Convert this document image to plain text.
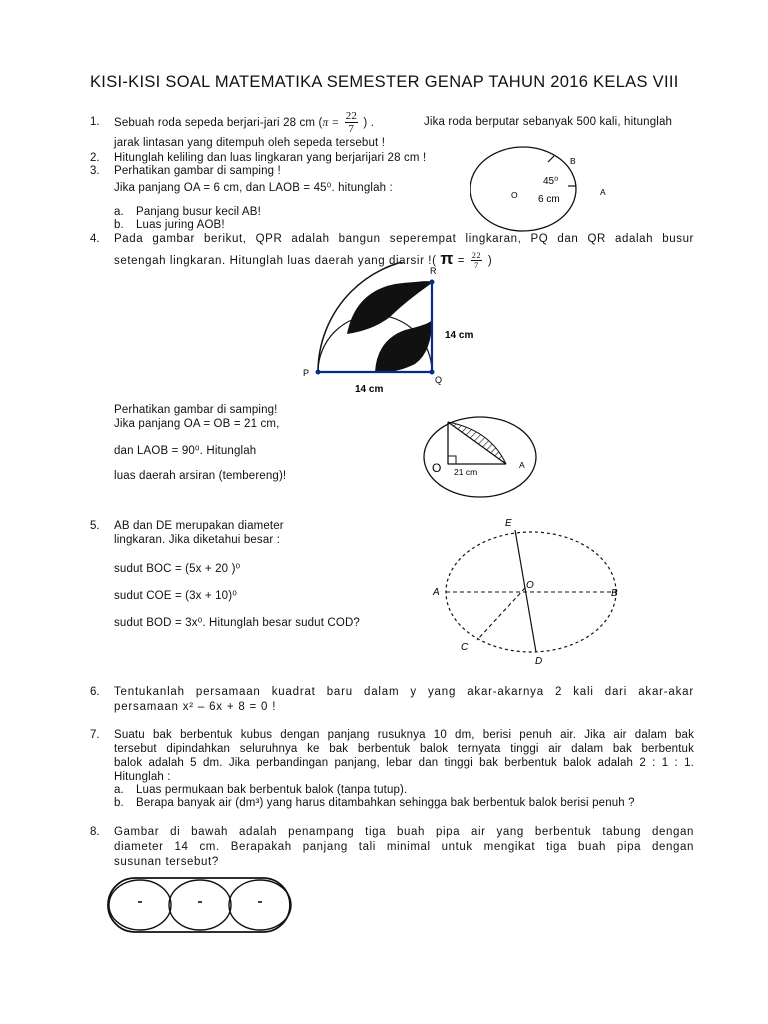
KISI-KISI SOAL MATEMATIKA SEMESTER GENAP TAHUN 2016 KELAS VIII
1. Sebuah roda sepeda berjari-jari 28 cm ($\pi = \frac{22}{7}$ ) .	Jika roda berputar sebanyak 500 kali, hitunglah
jarak lintasan yang ditempuh oleh sepeda tersebut !
2. Hitunglah keliling dan luas lingkaran yang berjarijari 28 cm !
3. Perhatikan gambar di samping !
Jika panjang OA = 6 cm, dan LAOB = 45⁰. hitunglah :
a. Panjang busur kecil AB!
b. Luas juring AOB!
B
45⁰
O 6 cm
A
4. Pada gambar berikut, QPR adalah bangun seperempat lingkaran, PQ dan QR adalah busur
setengah lingkaran. Hitunglah luas daerah yang diarsir !( $\pi = \frac{22}{7}$ )
R
P
Q
14 cm
14 cm
Perhatikan gambar di samping!
Jika panjang OA = OB = 21 cm,
dan LAOB = 90⁰. Hitunglah
luas daerah arsiran (tembereng)!
O 21 cm
A
5. AB dan DE merupakan diameter
lingkaran. Jika diketahui besar :
sudut BOC = (5x + 20 )⁰
sudut COE = (3x + 10)⁰
sudut BOD = 3x⁰. Hitunglah besar sudut COD?
E
A
O
B
C
D
6. Tentukanlah persamaan kuadrat baru dalam y yang akar-akarnya 2 kali dari akar-akar
persamaan x² – 6x + 8 = 0 !
7. Suatu bak berbentuk kubus dengan panjang rusuknya 10 dm, berisi penuh air. Jika air dalam bak
tersebut dipindahkan seluruhnya ke bak berbentuk balok ternyata tinggi air dalam bak berbentuk
balok adalah 5 dm. Jika perbandingan panjang, lebar dan tinggi bak berbentuk balok adalah 2 : 1 : 1.
Hitunglah :
a. Luas permukaan bak berbentuk balok (tanpa tutup).
b. Berapa banyak air (dm³) yang harus ditambahkan sehingga bak berbentuk balok berisi penuh ?
8. Gambar di bawah adalah penampang tiga buah pipa air yang berbentuk tabung dengan
diameter 14 cm. Berapakah panjang tali minimal untuk mengikat tiga buah pipa dengan
susunan tersebut?
